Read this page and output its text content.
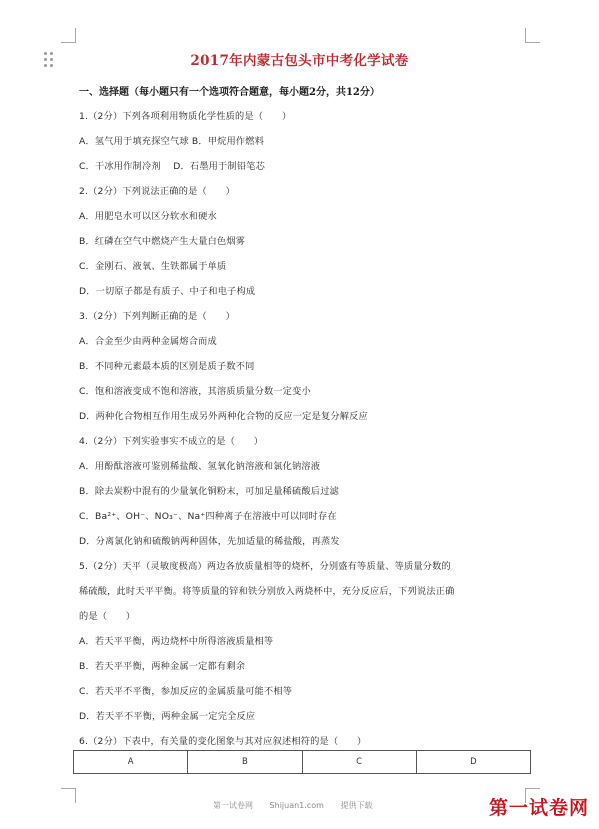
2017年内蒙古包头市中考化学试卷
一、选择题（每小题只有一个选项符合题意，每小题2分，共12分）
1.（2分）下列各项利用物质化学性质的是（　　）
A．氢气用于填充探空气球 B．甲烷用作燃料
C．干冰用作制冷剂　 D．石墨用于制铅笔芯
2.（2分）下列说法正确的是（　　）
A．用肥皂水可以区分软水和硬水
B．红磷在空气中燃烧产生大量白色烟雾
C．金刚石、液氧、生铁都属于单质
D．一切原子都是有质子、中子和电子构成
3.（2分）下列判断正确的是（　　）
A．合金至少由两种金属熔合而成
B．不同种元素最本质的区别是质子数不同
C．饱和溶液变成不饱和溶液，其溶质质量分数一定变小
D．两种化合物相互作用生成另外两种化合物的反应一定是复分解反应
4.（2分）下列实验事实不成立的是（　　）
A．用酚酞溶液可鉴别稀盐酸、氢氧化钠溶液和氯化钠溶液
B．除去炭粉中混有的少量氧化铜粉末，可加足量稀硫酸后过滤
C．Ba²⁺、OH⁻、NO₃⁻、Na⁺四种离子在溶液中可以同时存在
D．分离氯化钠和硫酸钠两种固体，先加适量的稀盐酸，再蒸发
5.（2分）天平（灵敏度极高）两边各放质量相等的烧杯，分别盛有等质量、等质量分数的
稀硫酸，此时天平平衡。将等质量的锌和铁分别放入两烧杯中，充分反应后，下列说法正确
的是（　　）
A．若天平平衡，两边烧杯中所得溶液质量相等
B．若天平平衡，两种金属一定都有剩余
C．若天平不平衡，参加反应的金属质量可能不相等
D．若天平不平衡，两种金属一定完全反应
6.（2分）下表中，有关量的变化图象与其对应叙述相符的是（　　）
A	B	C	D
第一试卷网 Shijuan1.com 提供下载	第一试卷网
